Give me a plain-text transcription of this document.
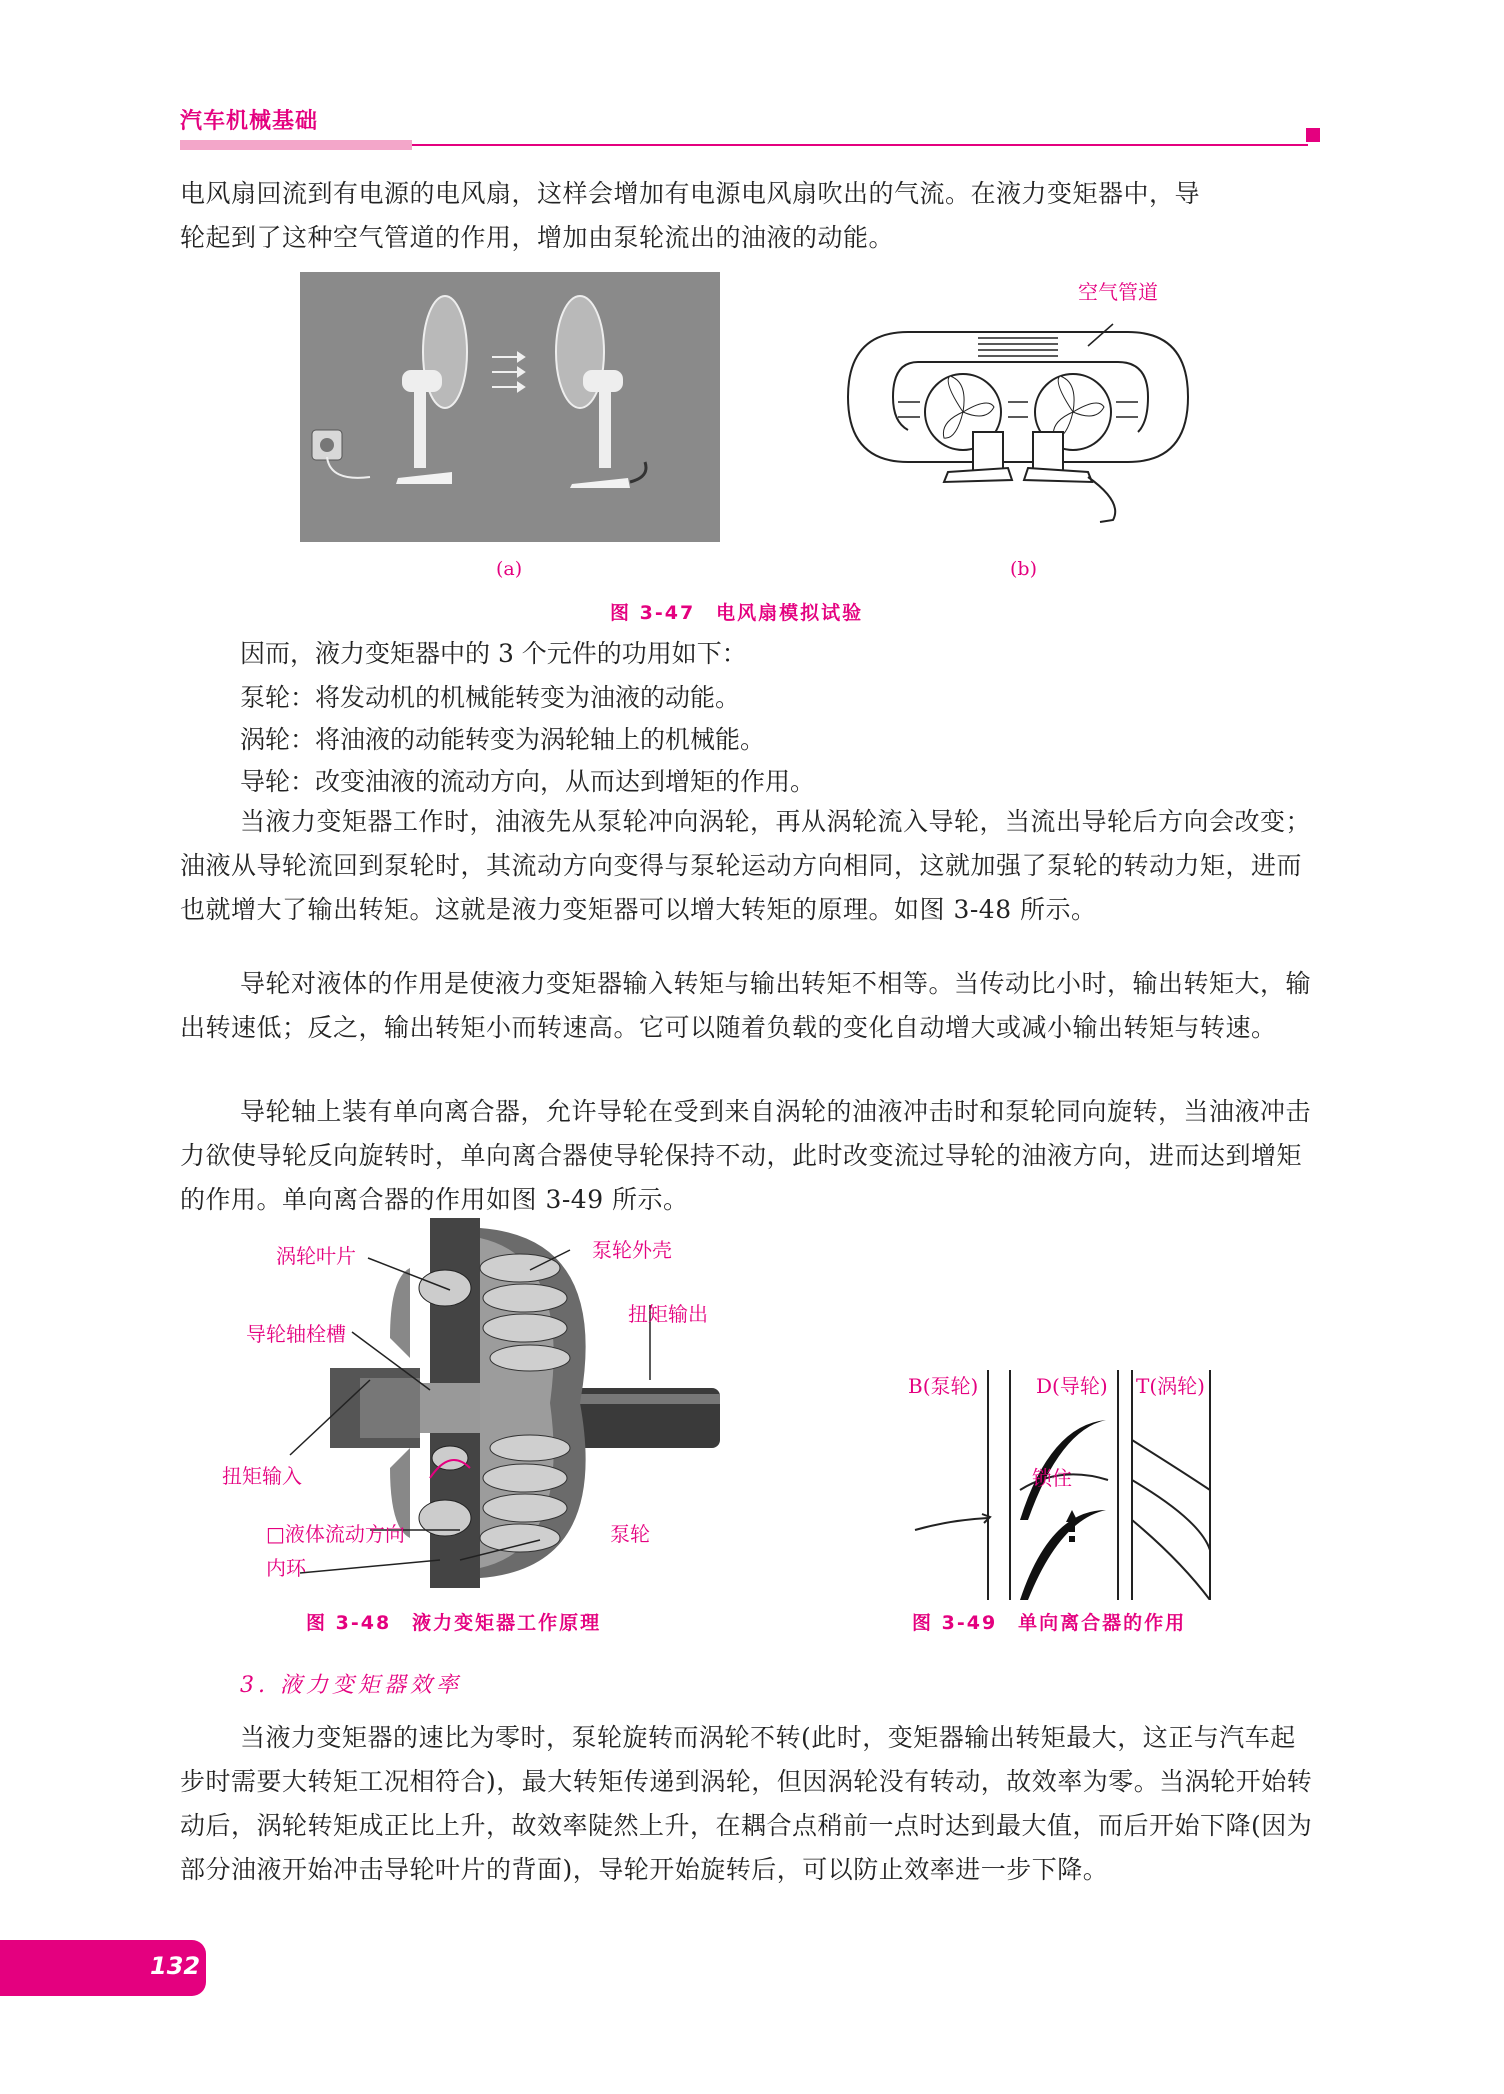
汽车机械基础
电风扇回流到有电源的电风扇，这样会增加有电源电风扇吹出的气流。在液力变矩器中，导
轮起到了这种空气管道的作用，增加由泵轮流出的油液的动能。
空气管道
(a)	(b)
图 3-47　电风扇模拟试验
因而，液力变矩器中的 3 个元件的功用如下：
泵轮：将发动机的机械能转变为油液的动能。
涡轮：将油液的动能转变为涡轮轴上的机械能。
导轮：改变油液的流动方向，从而达到增矩的作用。

当液力变矩器工作时，油液先从泵轮冲向涡轮，再从涡轮流入导轮，当流出导轮后方向会改变；油液从导轮流回到泵轮时，其流动方向变得与泵轮运动方向相同，这就加强了泵轮的转动力矩，进而也就增大了输出转矩。这就是液力变矩器可以增大转矩的原理。如图 3-48 所示。

导轮对液体的作用是使液力变矩器输入转矩与输出转矩不相等。当传动比小时，输出转矩大，输出转速低；反之，输出转矩小而转速高。它可以随着负载的变化自动增大或减小输出转矩与转速。

导轮轴上装有单向离合器，允许导轮在受到来自涡轮的油液冲击时和泵轮同向旋转，当油液冲击力欲使导轮反向旋转时，单向离合器使导轮保持不动，此时改变流过导轮的油液方向，进而达到增矩的作用。单向离合器的作用如图 3-49 所示。

涡轮叶片	泵轮外壳
导轮轴栓槽
扭矩输出
扭矩输入
□液体流动方向	泵轮
内环
图 3-48　液力变矩器工作原理
B(泵轮)	D(导轮) T(涡轮)
锁住
图 3-49　单向离合器的作用
3. 液力变矩器效率

当液力变矩器的速比为零时，泵轮旋转而涡轮不转(此时，变矩器输出转矩最大，这正与汽车起步时需要大转矩工况相符合)，最大转矩传递到涡轮，但因涡轮没有转动，故效率为零。当涡轮开始转动后，涡轮转矩成正比上升，故效率陡然上升，在耦合点稍前一点时达到最大值，而后开始下降(因为部分油液开始冲击导轮叶片的背面)，导轮开始旋转后，可以防止效率进一步下降。

132
